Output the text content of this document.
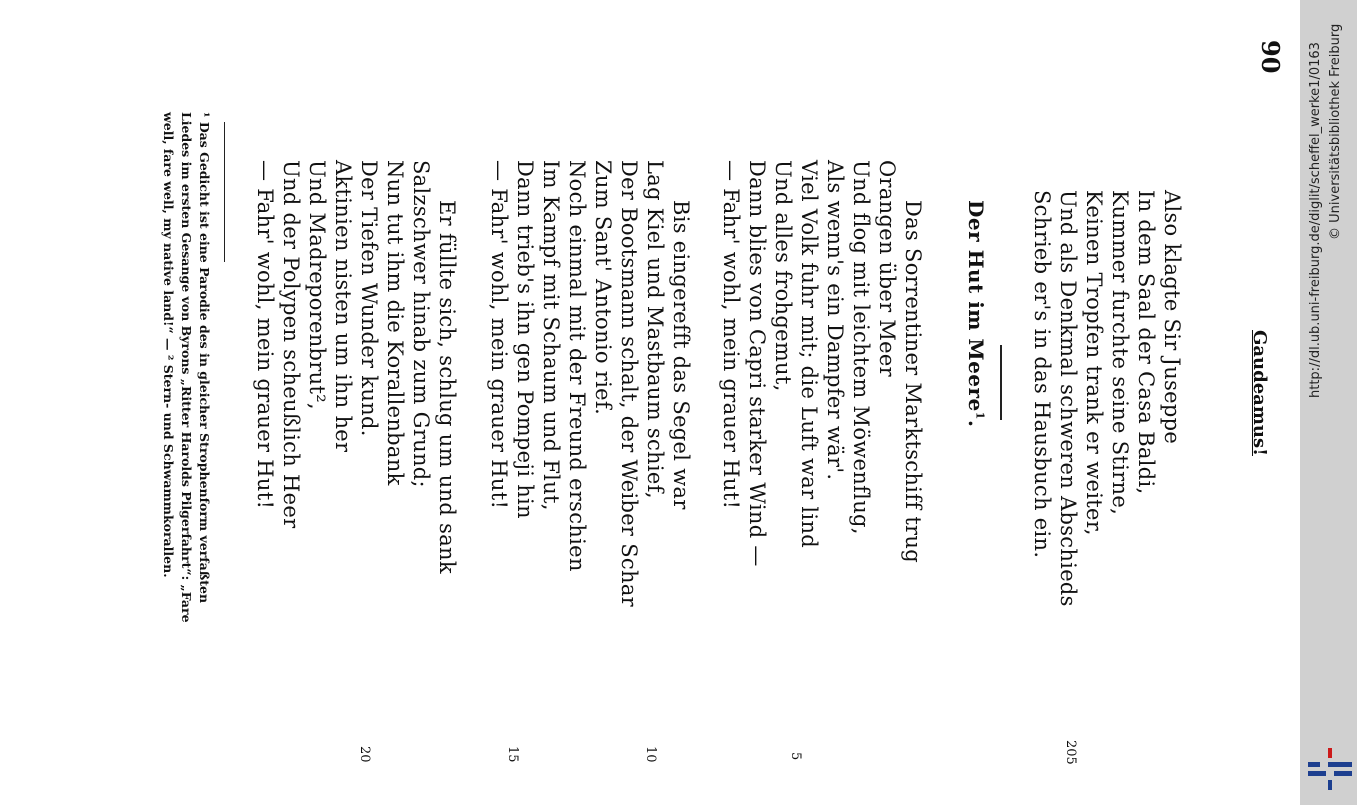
90
Gaudeamus!
Also klagte Sir Juseppe
In dem Saal der Casa Baldi,
Kummer furchte seine Stirne,
Keinen Tropfen trank er weiter,
Und als Denkmal schweren Abschieds
Schrieb er's in das Hausbuch ein.
205
5
10
15
20
Der Hut im Meere$^1$.
Das Sorrentiner Marktschiff trug
Orangen über Meer
Und flog mit leichtem Möwenflug,
Als wenn's ein Dampfer wär'.
Viel Volk fuhr mit; die Luft war lind
Und alles frohgemut,
Dann blies von Capri starker Wind —
— Fahr' wohl, mein grauer Hut!
Bis eingerefft das Segel war
Lag Kiel und Mastbaum schief,
Der Bootsmann schalt, der Weiber Schar
Zum Sant' Antonio rief.
Noch einmal mit der Freund erschien
Im Kampf mit Schaum und Flut,
Dann trieb's ihn gen Pompeji hin
— Fahr' wohl, mein grauer Hut!
Er füllte sich, schlug um und sank
Salzschwer hinab zum Grund;
Nun tut ihm die Korallenbank
Der Tiefen Wunder kund.
Aktinien nisten um ihn her
Und Madreporenbrut²,
Und der Polypen scheußlich Heer
— Fahr' wohl, mein grauer Hut!
¹ Das Gedicht ist eine Parodie des in gleicher Strophenform verfaßten
Liedes im ersten Gesange von Byrons „Ritter Harolds Pilgerfahrt“: „Fare
well, fare well, my native land!“ — ² Stern- und Schwammkorallen.	http://dl.ub.uni-freiburg.de/diglit/scheffel_werke1/0163 © Universitätsbibliothek Freiburg
